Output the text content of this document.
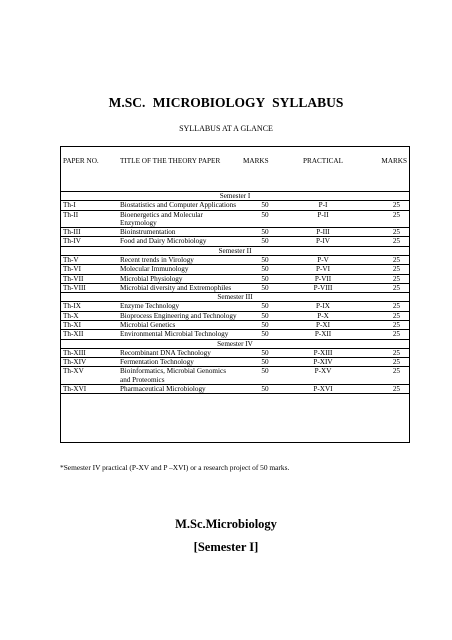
M.SC. MICROBIOLOGY SYLLABUS
SYLLABUS AT A GLANCE
PAPER NO.	TITLE OF THE THEORY PAPER	MARKS	PRACTICAL	MARKS
Semester I				
Th-I	Biostatistics and Computer Applications	50	P-I	25
Th-II	Bioenergetics and Molecular Enzymology	50	P-II	25
Th-III	Bioinstrumentation	50	P-III	25
Th-IV	Food and Dairy Microbiology	50	P-IV	25
Semester II				
Th-V	Recent trends in Virology	50	P-V	25
Th-VI	Molecular Immunology	50	P-VI	25
Th-VII	Microbial Physiology	50	P-VII	25
Th-VIII	Microbial diversity and Extremophiles	50	P-VIII	25
Semester III				
Th-IX	Enzyme Technology	50	P-IX	25
Th-X	Bioprocess Engineering and Technology	50	P-X	25
Th-XI	Microbial Genetics	50	P-XI	25
Th-XII	Environmental Microbial Technology	50	P-XII	25
Semester IV				
Th-XIII	Recombinant DNA Technology	50	P-XIII	25
Th-XIV	Fermentation Technology	50	P-XIV	25
Th-XV	Bioinformatics, Microbial Genomics and Proteomics	50	P-XV	25
Th-XVI	Pharmaceutical Microbiology	50	P-XVI	25
*Semester IV practical (P-XV and P –XVI) or a research project of 50 marks.
M.Sc.Microbiology
[Semester I]
